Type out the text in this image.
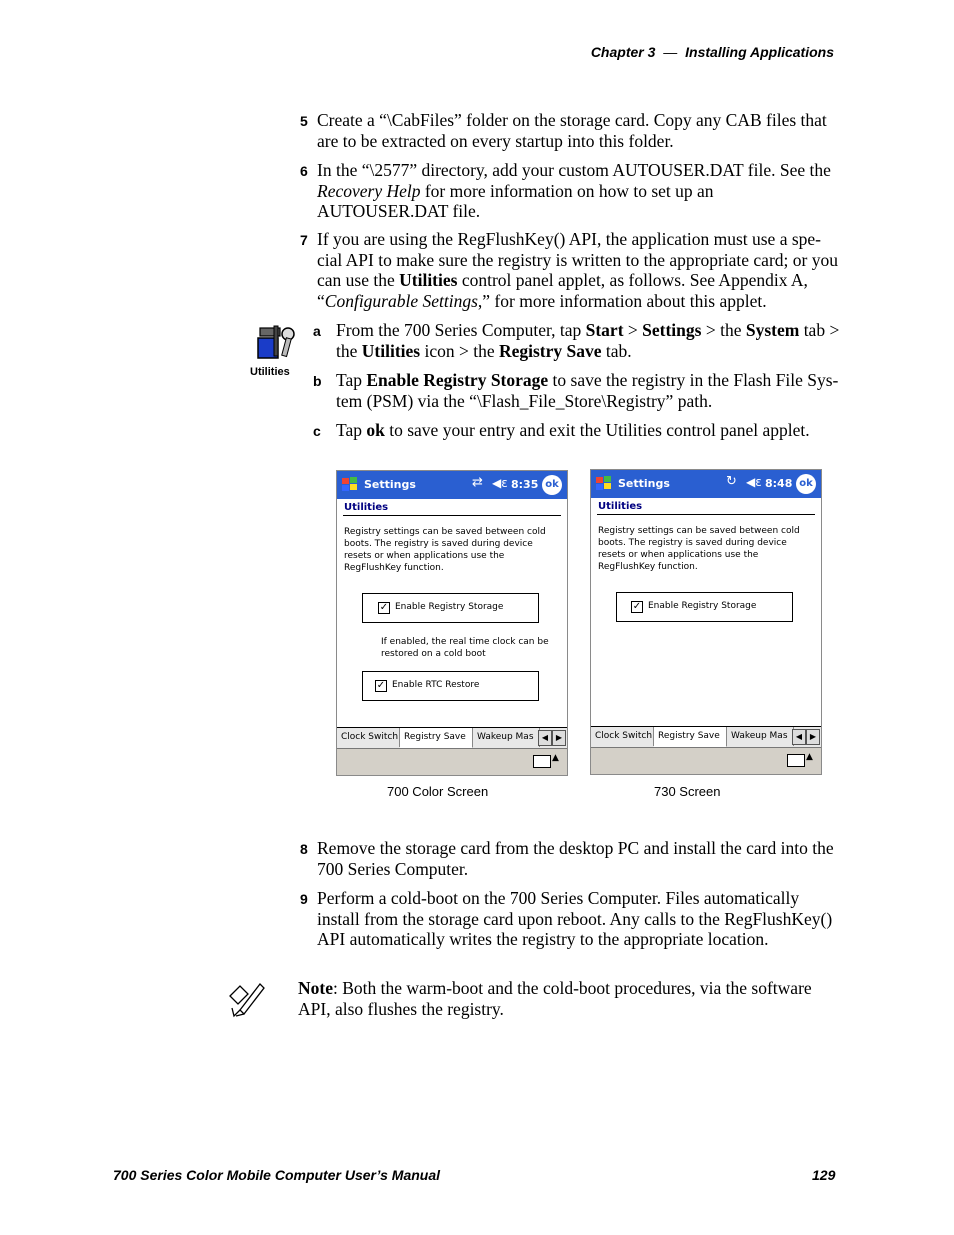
Chapter 3 — Installing Applications
5 Create a “\CabFiles” folder on the storage card. Copy any CAB files that are to be extracted on every startup into this folder.
6 In the “\2577” directory, add your custom AUTOUSER.DAT file. See the Recovery Help for more information on how to set up an AUTOUSER.DAT file.
7 If you are using the RegFlushKey() API, the application must use a spe-cial API to make sure the registry is written to the appropriate card; or you can use the Utilities control panel applet, as follows. See Appendix A, “Configurable Settings,” for more information about this applet.
Utilities
a From the 700 Series Computer, tap Start > Settings > the System tab > the Utilities icon > the Registry Save tab.
b Tap Enable Registry Storage to save the registry in the Flash File Sys-tem (PSM) via the “\Flash_File_Store\Registry” path.
c Tap ok to save your entry and exit the Utilities control panel applet.
Settings	⇄ ◀ε 8:35 ok
Utilities
Registry settings can be saved between cold boots. The registry is saved during device resets or when applications use the RegFlushKey function.
✓ Enable Registry Storage
If enabled, the real time clock can be restored on a cold boot
✓ Enable RTC Restore
Clock Switch Registry Save	Wakeup Mas	◀ ▶
▲
Settings	↻ ◀ε 8:48 ok
Utilities
Registry settings can be saved between cold boots. The registry is saved during device resets or when applications use the RegFlushKey function.
✓ Enable Registry Storage
Clock Switch Registry Save	Wakeup Mas	◀ ▶
▲
700 Color Screen	730 Screen
8 Remove the storage card from the desktop PC and install the card into the 700 Series Computer.
9 Perform a cold-boot on the 700 Series Computer. Files automatically install from the storage card upon reboot. Any calls to the RegFlushKey() API automatically writes the registry to the appropriate location.
Note: Both the warm-boot and the cold-boot procedures, via the software API, also flushes the registry.
700 Series Color Mobile Computer User’s Manual	129
